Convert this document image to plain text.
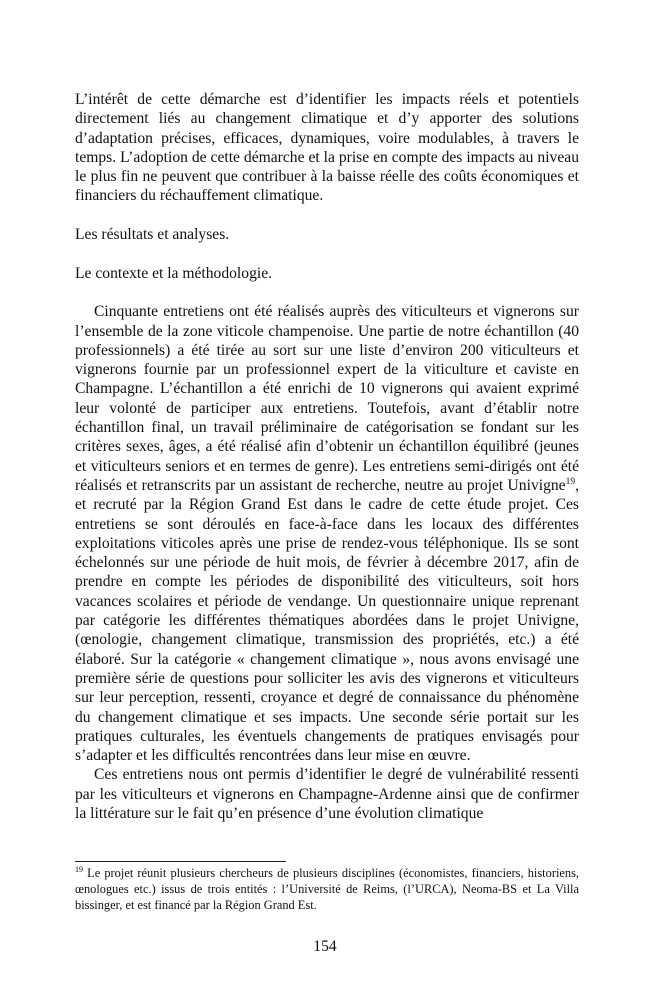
L’intérêt de cette démarche est d’identifier les impacts réels et potentiels directement liés au changement climatique et d’y apporter des solutions d’adaptation précises, efficaces, dynamiques, voire modulables, à travers le temps. L’adoption de cette démarche et la prise en compte des impacts au niveau le plus fin ne peuvent que contribuer à la baisse réelle des coûts économiques et financiers du réchauffement climatique.

Les résultats et analyses.

Le contexte et la méthodologie.

Cinquante entretiens ont été réalisés auprès des viticulteurs et vignerons sur l’ensemble de la zone viticole champenoise. Une partie de notre échantillon (40 professionnels) a été tirée au sort sur une liste d’environ 200 viticulteurs et vignerons fournie par un professionnel expert de la viticulture et caviste en Champagne. L’échantillon a été enrichi de 10 vignerons qui avaient exprimé leur volonté de participer aux entretiens. Toutefois, avant d’établir notre échantillon final, un travail préliminaire de catégorisation se fondant sur les critères sexes, âges, a été réalisé afin d’obtenir un échantillon équilibré (jeunes et viticulteurs seniors et en termes de genre). Les entretiens semi-dirigés ont été réalisés et retranscrits par un assistant de recherche, neutre au projet Univigne$^{19}$, et recruté par la Région Grand Est dans le cadre de cette étude projet. Ces entretiens se sont déroulés en face-à-face dans les locaux des différentes exploitations viticoles après une prise de rendez-vous téléphonique. Ils se sont échelonnés sur une période de huit mois, de février à décembre 2017, afin de prendre en compte les périodes de disponibilité des viticulteurs, soit hors vacances scolaires et période de vendange. Un questionnaire unique reprenant par catégorie les différentes thématiques abordées dans le projet Univigne, (œnologie, changement climatique, transmission des propriétés, etc.) a été élaboré. Sur la catégorie « changement climatique », nous avons envisagé une première série de questions pour solliciter les avis des vignerons et viticulteurs sur leur perception, ressenti, croyance et degré de connaissance du phénomène du changement climatique et ses impacts. Une seconde série portait sur les pratiques culturales, les éventuels changements de pratiques envisagés pour s’adapter et les difficultés rencontrées dans leur mise en œuvre.

Ces entretiens nous ont permis d’identifier le degré de vulnérabilité ressenti par les viticulteurs et vignerons en Champagne-Ardenne ainsi que de confirmer la littérature sur le fait qu’en présence d’une évolution climatique

$^{19}$ Le projet réunit plusieurs chercheurs de plusieurs disciplines (économistes, financiers, historiens, œnologues etc.) issus de trois entités : l’Université de Reims, (l’URCA), Neoma-BS et La Villa bissinger, et est financé par la Région Grand Est.

154
